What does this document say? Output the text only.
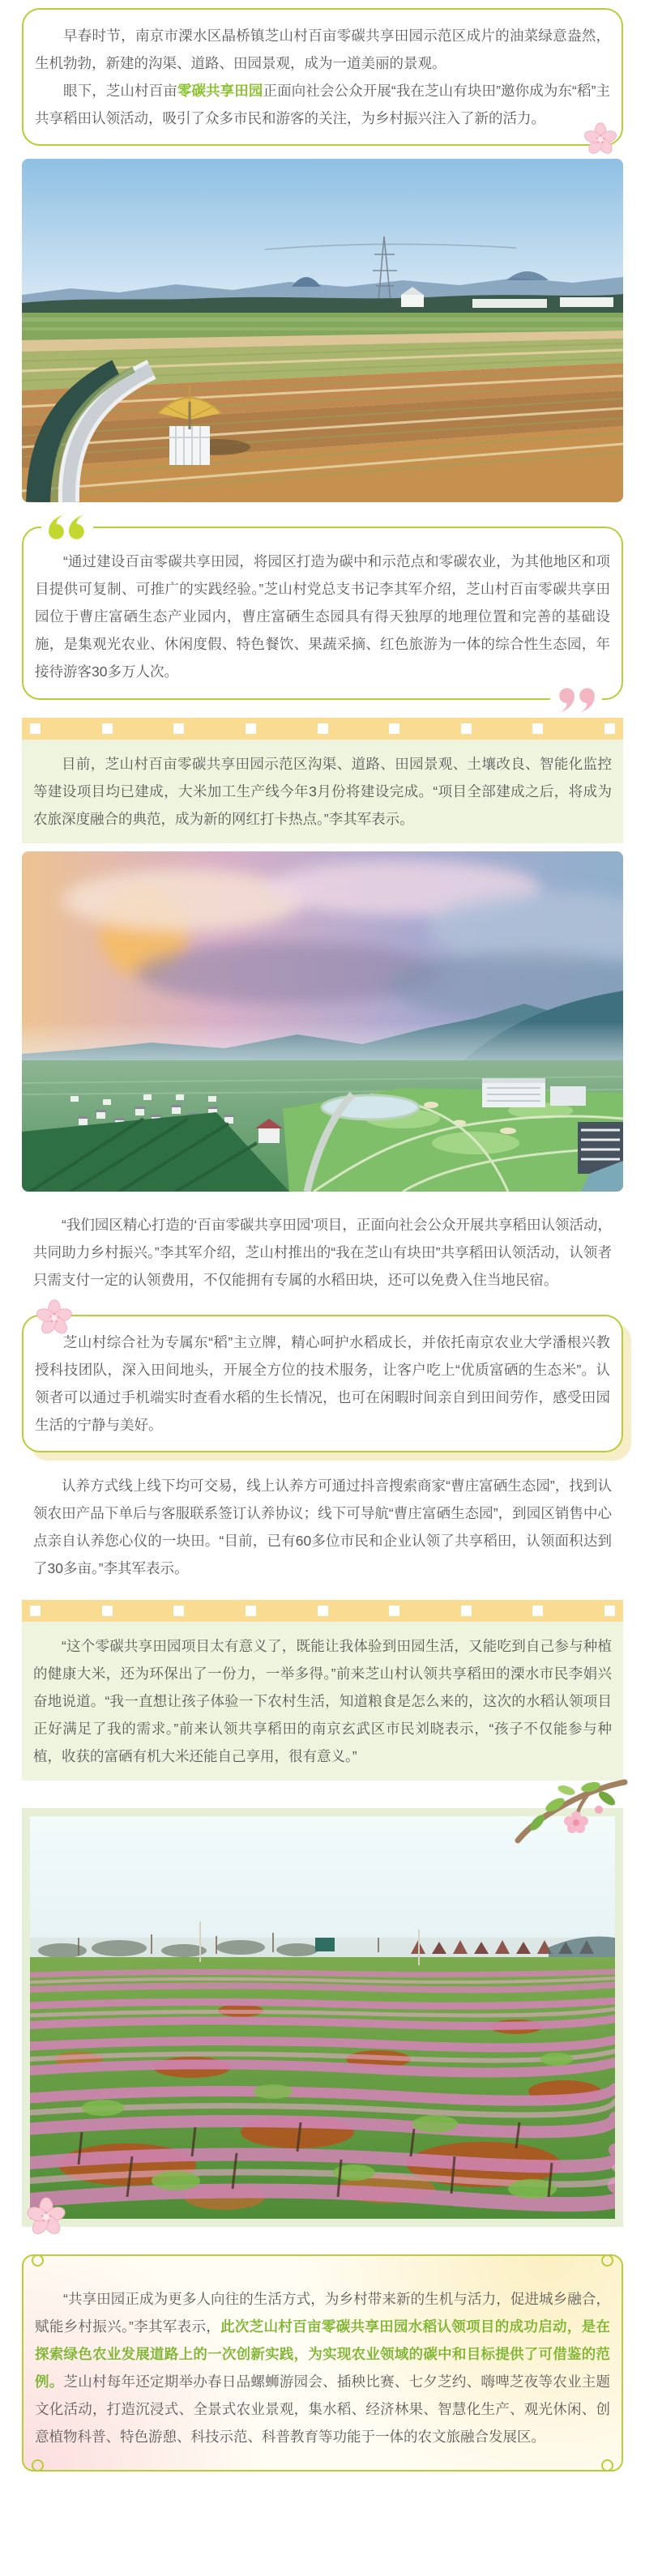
早春时节，南京市溧水区晶桥镇芝山村百亩零碳共享田园示范区成片的油菜绿意盎然，生机勃勃，新建的沟渠、道路、田园景观，成为一道美丽的景观。

眼下，芝山村百亩零碳共享田园正面向社会公众开展“我在芝山有块田”邀你成为东“稻”主共享稻田认领活动，吸引了众多市民和游客的关注，为乡村振兴注入了新的活力。

“通过建设百亩零碳共享田园，将园区打造为碳中和示范点和零碳农业，为其他地区和项目提供可复制、可推广的实践经验。”芝山村党总支书记李其军介绍，芝山村百亩零碳共享田园位于曹庄富硒生态产业园内，曹庄富硒生态园具有得天独厚的地理位置和完善的基础设施，是集观光农业、休闲度假、特色餐饮、果蔬采摘、红色旅游为一体的综合性生态园，年接待游客30多万人次。

目前，芝山村百亩零碳共享田园示范区沟渠、道路、田园景观、土壤改良、智能化监控等建设项目均已建成，大米加工生产线今年3月份将建设完成。“项目全部建成之后，将成为农旅深度融合的典范，成为新的网红打卡热点。”李其军表示。

“我们园区精心打造的‘百亩零碳共享田园’项目，正面向社会公众开展共享稻田认领活动，共同助力乡村振兴。”李其军介绍，芝山村推出的“我在芝山有块田”共享稻田认领活动，认领者只需支付一定的认领费用，不仅能拥有专属的水稻田块，还可以免费入住当地民宿。

芝山村综合社为专属东“稻”主立牌，精心呵护水稻成长，并依托南京农业大学潘根兴教授科技团队，深入田间地头，开展全方位的技术服务，让客户吃上“优质富硒的生态米”。认领者可以通过手机端实时查看水稻的生长情况，也可在闲暇时间亲自到田间劳作，感受田园生活的宁静与美好。

认养方式线上线下均可交易，线上认养方可通过抖音搜索商家“曹庄富硒生态园”，找到认领农田产品下单后与客服联系签订认养协议；线下可导航“曹庄富硒生态园”，到园区销售中心点亲自认养您心仪的一块田。“目前，已有60多位市民和企业认领了共享稻田，认领面积达到了30多亩。”李其军表示。

“这个零碳共享田园项目太有意义了，既能让我体验到田园生活，又能吃到自己参与种植的健康大米，还为环保出了一份力，一举多得。”前来芝山村认领共享稻田的溧水市民李娟兴奋地说道。“我一直想让孩子体验一下农村生活，知道粮食是怎么来的，这次的水稻认领项目正好满足了我的需求。”前来认领共享稻田的南京玄武区市民刘晓表示，“孩子不仅能参与种植，收获的富硒有机大米还能自己享用，很有意义。”

“共享田园正成为更多人向往的生活方式，为乡村带来新的生机与活力，促进城乡融合，赋能乡村振兴。”李其军表示，此次芝山村百亩零碳共享田园水稻认领项目的成功启动，是在探索绿色农业发展道路上的一次创新实践，为实现农业领域的碳中和目标提供了可借鉴的范例。芝山村每年还定期举办春日品螺蛳游园会、插秧比赛、七夕芝约、嗨啤芝夜等农业主题文化活动，打造沉浸式、全景式农业景观，集水稻、经济林果、智慧化生产、观光休闲、创意植物科普、特色游憩、科技示范、科普教育等功能于一体的农文旅融合发展区。
